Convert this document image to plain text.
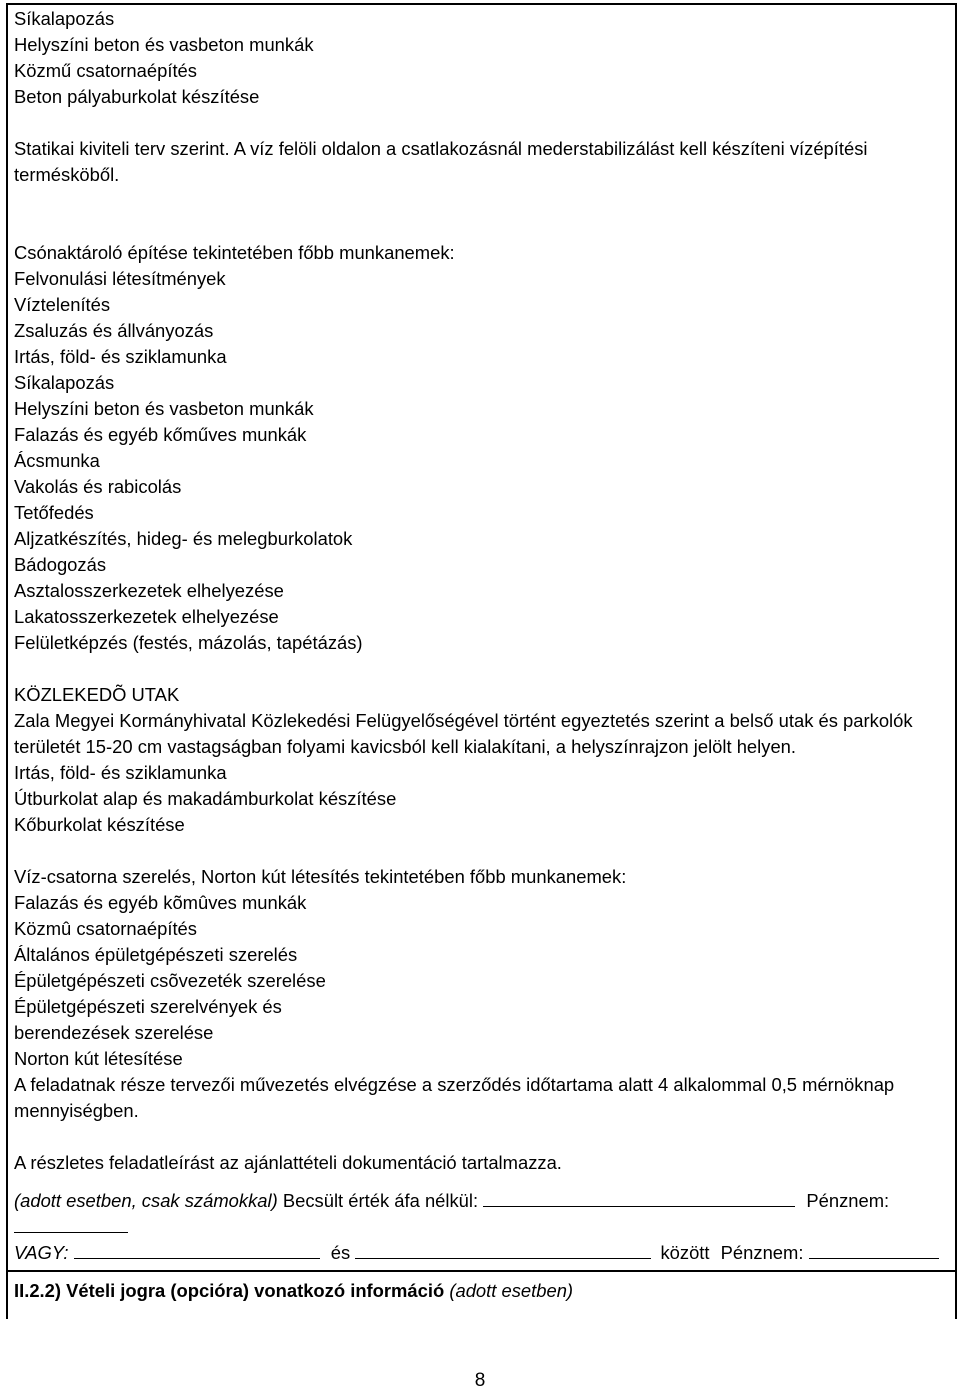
Síkalapozás
Helyszíni beton és vasbeton munkák
Közmű csatornaépítés
Beton pályaburkolat készítése
Statikai kiviteli terv szerint. A víz felöli oldalon a csatlakozásnál mederstabilizálást kell készíteni vízépítési termésköből.
Csónaktároló építése tekintetében főbb munkanemek:
Felvonulási létesítmények
Víztelenítés
Zsaluzás és állványozás
Irtás, föld- és sziklamunka
Síkalapozás
Helyszíni beton és vasbeton munkák
Falazás és egyéb kőműves munkák
Ácsmunka
Vakolás és rabicolás
Tetőfedés
Aljzatkészítés, hideg- és melegburkolatok
Bádogozás
Asztalosszerkezetek elhelyezése
Lakatosszerkezetek elhelyezése
Felületképzés (festés, mázolás, tapétázás)
KÖZLEKEDÕ UTAK
Zala Megyei Kormányhivatal Közlekedési Felügyelőségével történt egyeztetés szerint a belső utak és parkolók területét 15-20 cm vastagságban folyami kavicsból kell kialakítani, a helyszínrajzon jelölt helyen.
Irtás, föld- és sziklamunka
Útburkolat alap és makadámburkolat készítése
Kőburkolat készítése
Víz-csatorna szerelés, Norton kút létesítés tekintetében főbb munkanemek:
Falazás és egyéb kõmûves munkák
Közmû csatornaépítés
Általános épületgépészeti szerelés
Épületgépészeti csõvezeték szerelése
Épületgépészeti szerelvények és
berendezések szerelése
Norton kút létesítése
A feladatnak része tervezői művezetés elvégzése a szerződés időtartama alatt 4 alkalommal 0,5 mérnöknap mennyiségben.
A részletes feladatleírást az ajánlattételi dokumentáció tartalmazza.
(adott esetben, csak számokkal) Becsült érték áfa nélkül:	Pénznem:
VAGY:	és	között Pénznem:
II.2.2) Vételi jogra (opcióra) vonatkozó információ (adott esetben)
8
